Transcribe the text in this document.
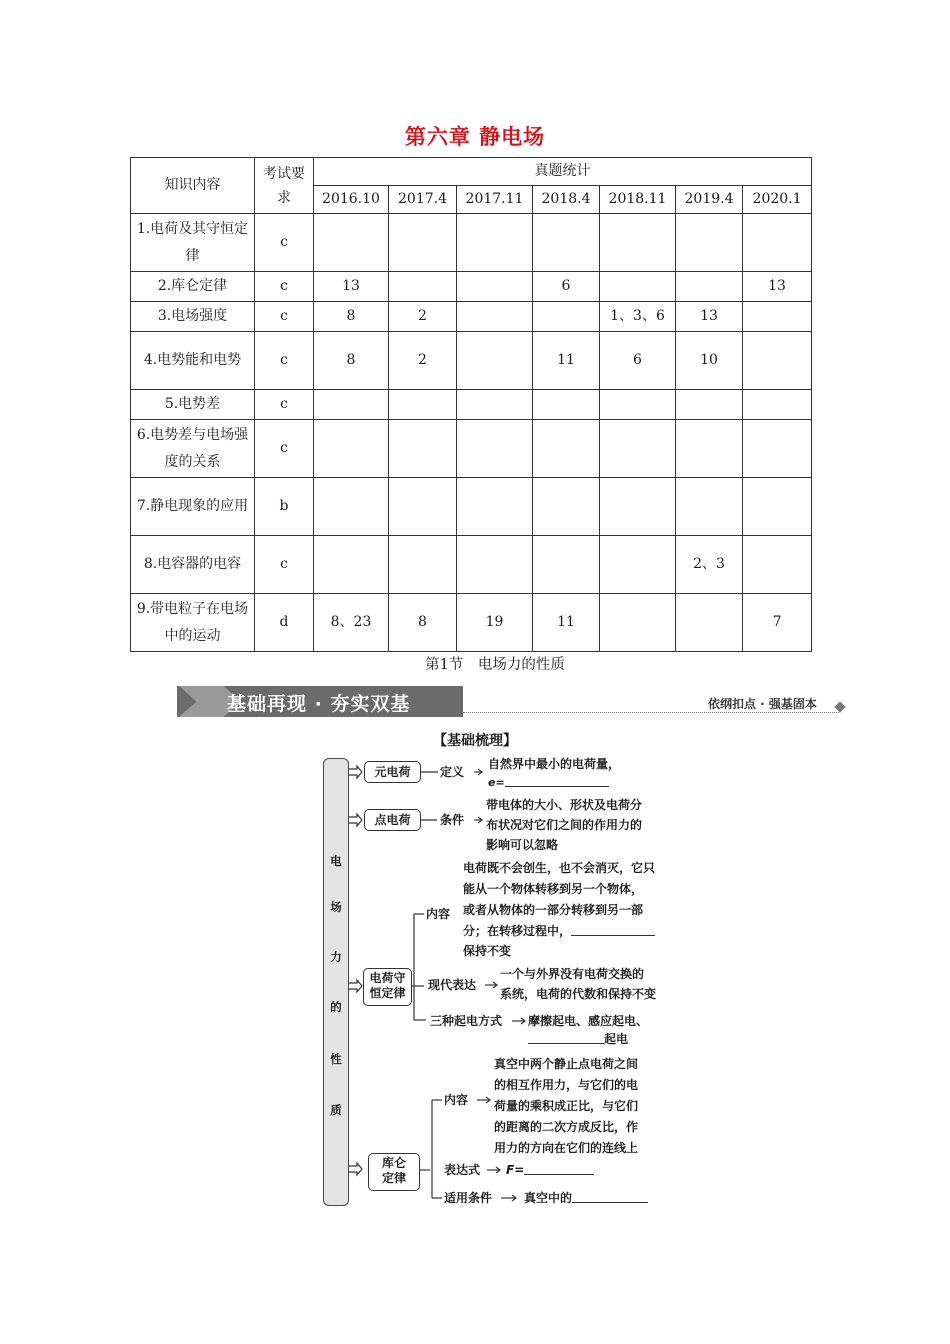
第六章 静电场
知识内容	考试要求	真题统计						
		2016.10	2017.4	2017.11	2018.4	2018.11	2019.4	2020.1
1.电荷及其守恒定律	c							
2.库仑定律	c	13			6			13
3.电场强度	c	8	2			1、3、6	13	
4.电势能和电势	c	8	2		11	6	10	
5.电势差	c							
6.电势差与电场强度的关系	c							
7.静电现象的应用	b							
8.电容器的电容	c						2、3	
9.带电粒子在电场中的运动	d	8、23	8	19	11			7
第1节　电场力的性质
基础再现 · 夯实双基	依纲扣点 · 强基固本
【基础梳理】
电
场
力
的
性
质
元电荷	定义
自然界中最小的电荷量，
e=
点电荷	条件
带电体的大小、形状及电荷分
布状况对它们之间的作用力的
影响可以忽略
电荷守
恒定律
内容
电荷既不会创生，也不会消灭，它只
能从一个物体转移到另一个物体，
或者从物体的一部分转移到另一部
分；在转移过程中，
保持不变
现代表达
一个与外界没有电荷交换的
系统，电荷的代数和保持不变
三种起电方式 摩擦起电、感应起电、
起电
库仑
定律
内容
真空中两个静止点电荷之间
的相互作用力，与它们的电
荷量的乘积成正比，与它们
的距离的二次方成反比，作
用力的方向在它们的连线上
表达式 F=
适用条件	真空中的
